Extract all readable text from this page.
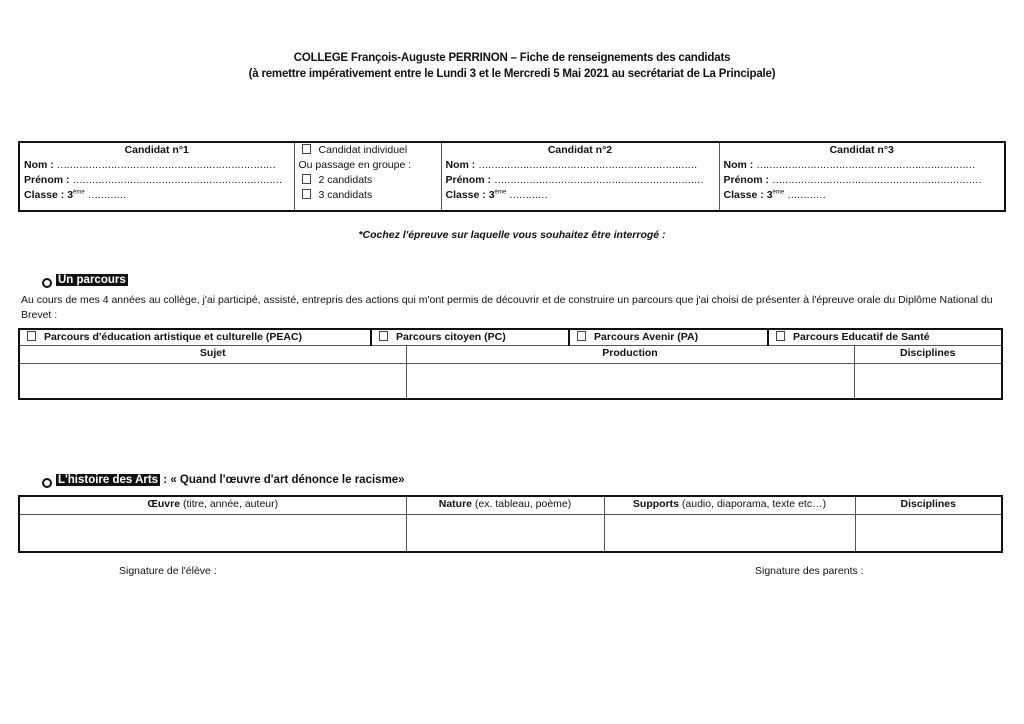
COLLEGE François-Auguste PERRINON – Fiche de renseignements des candidats
(à remettre impérativement entre le Lundi 3 et le Mercredi 5 Mai 2021 au secrétariat de La Principale)
Candidat n°1
Nom : ……………………………………………………………
Prénom : …………………………………………………………
Classe : 3ème …………

Candidat individuel
Ou passage en groupe :
2 candidats
3 candidats

Candidat n°2
Nom : ……………………………………………………………
Prénom : …………………………………………………………
Classe : 3ème …………

Candidat n°3
Nom : ……………………………………………………………
Prénom : …………………………………………………………
Classe : 3ème …………
*Cochez l'épreuve sur laquelle vous souhaitez être interrogé :
Un parcours
Au cours de mes 4 années au collège, j'ai participé, assisté, entrepris des actions qui m'ont permis de découvrir et de construire un parcours que j'ai choisi de présenter à l'épreuve orale du Diplôme National du Brevet :
Parcours d'éducation artistique et culturelle (PEAC)	Parcours citoyen (PC)		Parcours Avenir (PA)	Parcours Educatif de Santé	
Sujet		Production			Disciplines

L'histoire des Arts : « Quand l'œuvre d'art dénonce le racisme»
Œuvre (titre, année, auteur)	Nature (ex. tableau, poème)	Supports (audio, diaporama, texte etc…)	Disciplines

Signature de l'élève :	Signature des parents :
